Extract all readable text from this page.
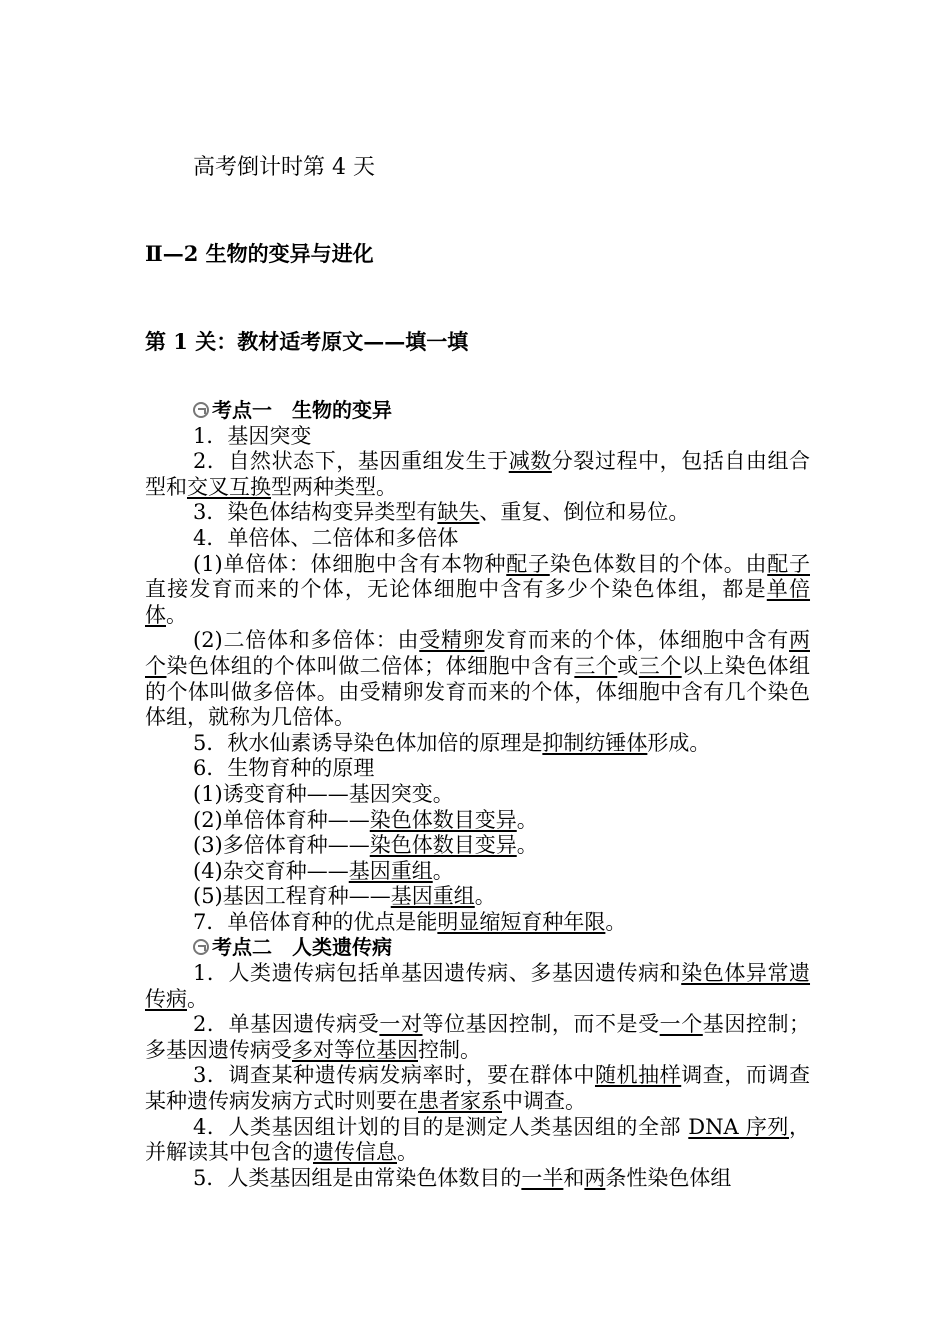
高考倒计时第 4 天
Ⅱ—2 生物的变异与进化
第 1 关：教材适考原文——填一填

考点一　生物的变异

1．基因突变

2．自然状态下，基因重组发生于减数分裂过程中，包括自由组合型和交叉互换型两种类型。

3．染色体结构变异类型有缺失、重复、倒位和易位。

4．单倍体、二倍体和多倍体

(1)单倍体：体细胞中含有本物种配子染色体数目的个体。由配子直接发育而来的个体，无论体细胞中含有多少个染色体组，都是单倍体。

(2)二倍体和多倍体：由受精卵发育而来的个体，体细胞中含有两个染色体组的个体叫做二倍体；体细胞中含有三个或三个以上染色体组的个体叫做多倍体。由受精卵发育而来的个体，体细胞中含有几个染色体组，就称为几倍体。

5．秋水仙素诱导染色体加倍的原理是抑制纺锤体形成。

6．生物育种的原理

(1)诱变育种——基因突变。

(2)单倍体育种——染色体数目变异。

(3)多倍体育种——染色体数目变异。

(4)杂交育种——基因重组。

(5)基因工程育种——基因重组。

7．单倍体育种的优点是能明显缩短育种年限。

考点二　人类遗传病

1．人类遗传病包括单基因遗传病、多基因遗传病和染色体异常遗传病。

2．单基因遗传病受一对等位基因控制，而不是受一个基因控制；多基因遗传病受多对等位基因控制。

3．调查某种遗传病发病率时，要在群体中随机抽样调查，而调查某种遗传病发病方式时则要在患者家系中调查。

4．人类基因组计划的目的是测定人类基因组的全部 DNA 序列，并解读其中包含的遗传信息。

5．人类基因组是由常染色体数目的一半和两条性染色体组
